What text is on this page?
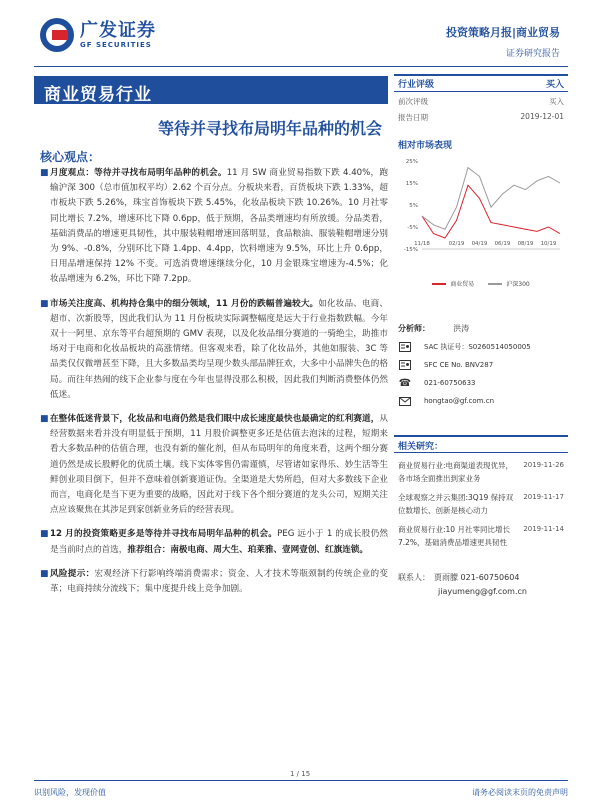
广发证券
GF SECURITIES
投资策略月报|商业贸易
证券研究报告
商业贸易行业
等待并寻找布局明年品种的机会
核心观点：
■ 月度观点：等待并寻找布局明年品种的机会。11 月 SW 商业贸易指数下跌 4.40%，跑输沪深 300（总市值加权平均）2.62 个百分点。分板块来看，百货板块下跌 1.33%，超市板块下跌 5.26%，珠宝首饰板块下跌 5.45%，化妆品板块下跌 10.26%。10 月社零同比增长 7.2%，增速环比下降 0.6pp，低于预期，各品类增速均有所放缓。分品类看，基础消费品的增速更具韧性，其中服装鞋帽增速回落明显，食品粮油、服装鞋帽增速分别为 9%、-0.8%，分别环比下降 1.4pp、4.4pp，饮料增速为 9.5%，环比上升 0.6pp，日用品增速保持 12% 不变。可选消费增速继续分化，10 月金银珠宝增速为-4.5%；化妆品增速为 6.2%，环比下降 7.2pp。
■ 市场关注度高、机构持仓集中的细分领域，11 月份的跌幅普遍较大。如化妆品、电商、超市、次新股等，因此我们认为 11 月份板块实际调整幅度是远大于行业指数跌幅。今年双十一阿里、京东等平台超预期的 GMV 表现，以及化妆品细分赛道的一骑绝尘，助推市场对于电商和化妆品板块的高涨情绪。但客观来看，除了化妆品外，其他如服装、3C 等品类仅仅微增甚至下降，且大多数品类均呈现少数头部品牌狂欢，大多中小品牌失色的格局。而往年热闹的线下企业参与度在今年也显得没那么积极，因此我们判断消费整体仍然低迷。
■ 在整体低迷背景下，化妆品和电商仍然是我们眼中成长速度最快也最确定的红利赛道，从经营数据来看并没有明显低于预期，11 月股价调整更多还是估值去泡沫的过程，短期来看大多数品种的估值合理，也没有新的催化剂，但从布局明年的角度来看，这两个细分赛道仍然是成长股孵化的优质土壤。线下实体零售仍需谨慎，尽管诸如家得乐、妙生活等生鲜创业项目倒下，但并不意味着创新赛道证伪。全渠道是大势所趋，但对大多数线下企业而言，电商化是当下更为重要的战略，因此对于线下各个细分赛道的龙头公司，短期关注点应该聚焦在其涉足到家创新业务后的经营表现。
■ 12 月的投资策略更多是等待并寻找布局明年品种的机会。PEG 远小于 1 的成长股仍然是当前时点的首选，推荐组合：南极电商、周大生、珀莱雅、壹网壹创、红旗连锁。
■ 风险提示：宏观经济下行影响终端消费需求；资金、人才技术等瓶颈制约传统企业的变革；电商持续分流线下；集中度提升线上竞争加剧。
行业评级	买入
前次评级	买入
报告日期	2019-12-01
相对市场表现
25%
15%
5%
-5%
-15%
11/18	02/19 04/19 06/19 08/19 10/19
商业贸易	沪深300
分析师：	洪涛
SAC 执证号：S0260514050005
SFC CE No. BNV287
☎ 021-60750633
hongtao@gf.com.cn
相关研究：
商业贸易行业:电商渠道表现优异，各市场全面推出到家业务
2019-11-26
全球观察之并云集团:3Q19 保持双位数增长、创新是核心动力
2019-11-17
商业贸易行业:10 月社零同比增长 7.2%，基础消费品增速更具韧性
2019-11-14
联系人：　贾雨朦 021-60750604
jiayumeng@gf.com.cn
1 / 15
识别风险，发现价值	请务必阅读末页的免责声明
